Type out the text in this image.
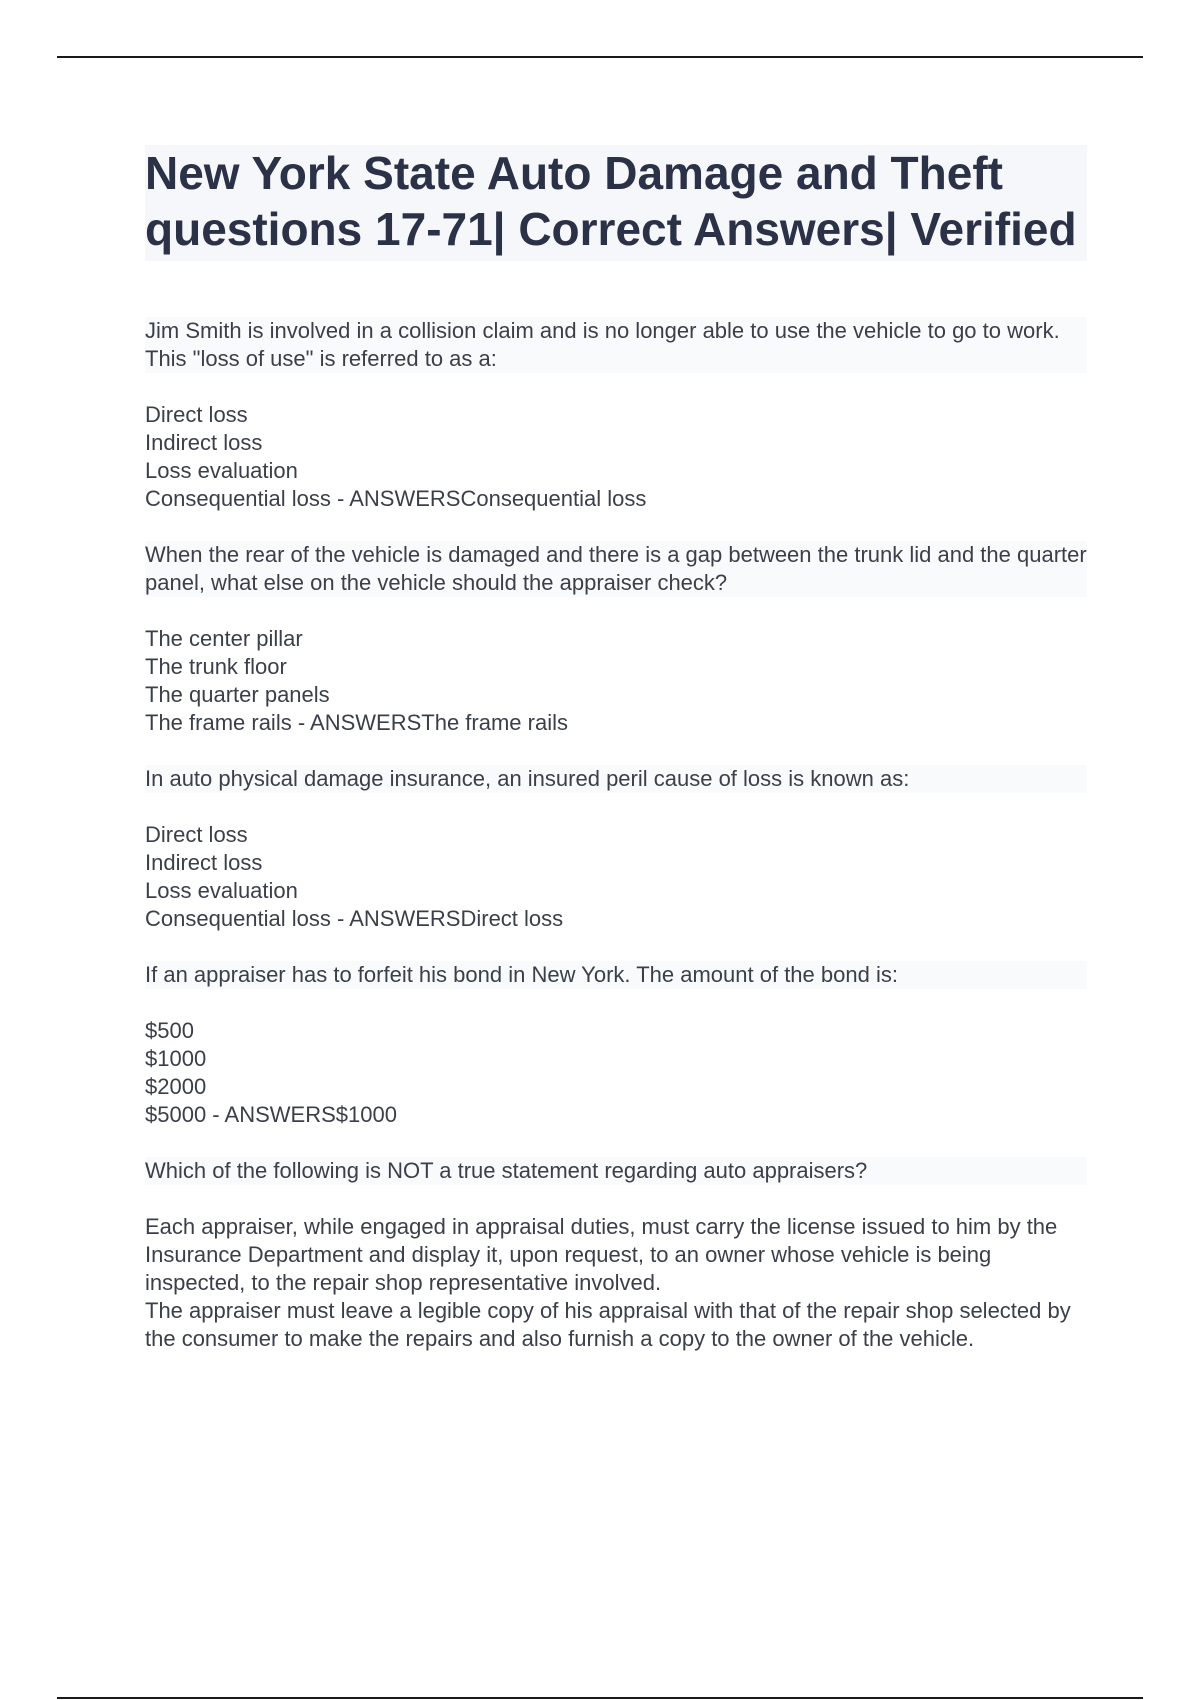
New York State Auto Damage and Theft questions 17-71| Correct Answers| Verified

Jim Smith is involved in a collision claim and is no longer able to use the vehicle to go to work. This "loss of use" is referred to as a:

Direct loss
Indirect loss
Loss evaluation
Consequential loss - ANSWERSConsequential loss

When the rear of the vehicle is damaged and there is a gap between the trunk lid and the quarter panel, what else on the vehicle should the appraiser check?

The center pillar
The trunk floor
The quarter panels
The frame rails - ANSWERSThe frame rails

In auto physical damage insurance, an insured peril cause of loss is known as:

Direct loss
Indirect loss
Loss evaluation
Consequential loss - ANSWERSDirect loss

If an appraiser has to forfeit his bond in New York. The amount of the bond is:

$500
$1000
$2000
$5000 - ANSWERS$1000

Which of the following is NOT a true statement regarding auto appraisers?

Each appraiser, while engaged in appraisal duties, must carry the license issued to him by the Insurance Department and display it, upon request, to an owner whose vehicle is being inspected, to the repair shop representative involved.
The appraiser must leave a legible copy of his appraisal with that of the repair shop selected by the consumer to make the repairs and also furnish a copy to the owner of the vehicle.
